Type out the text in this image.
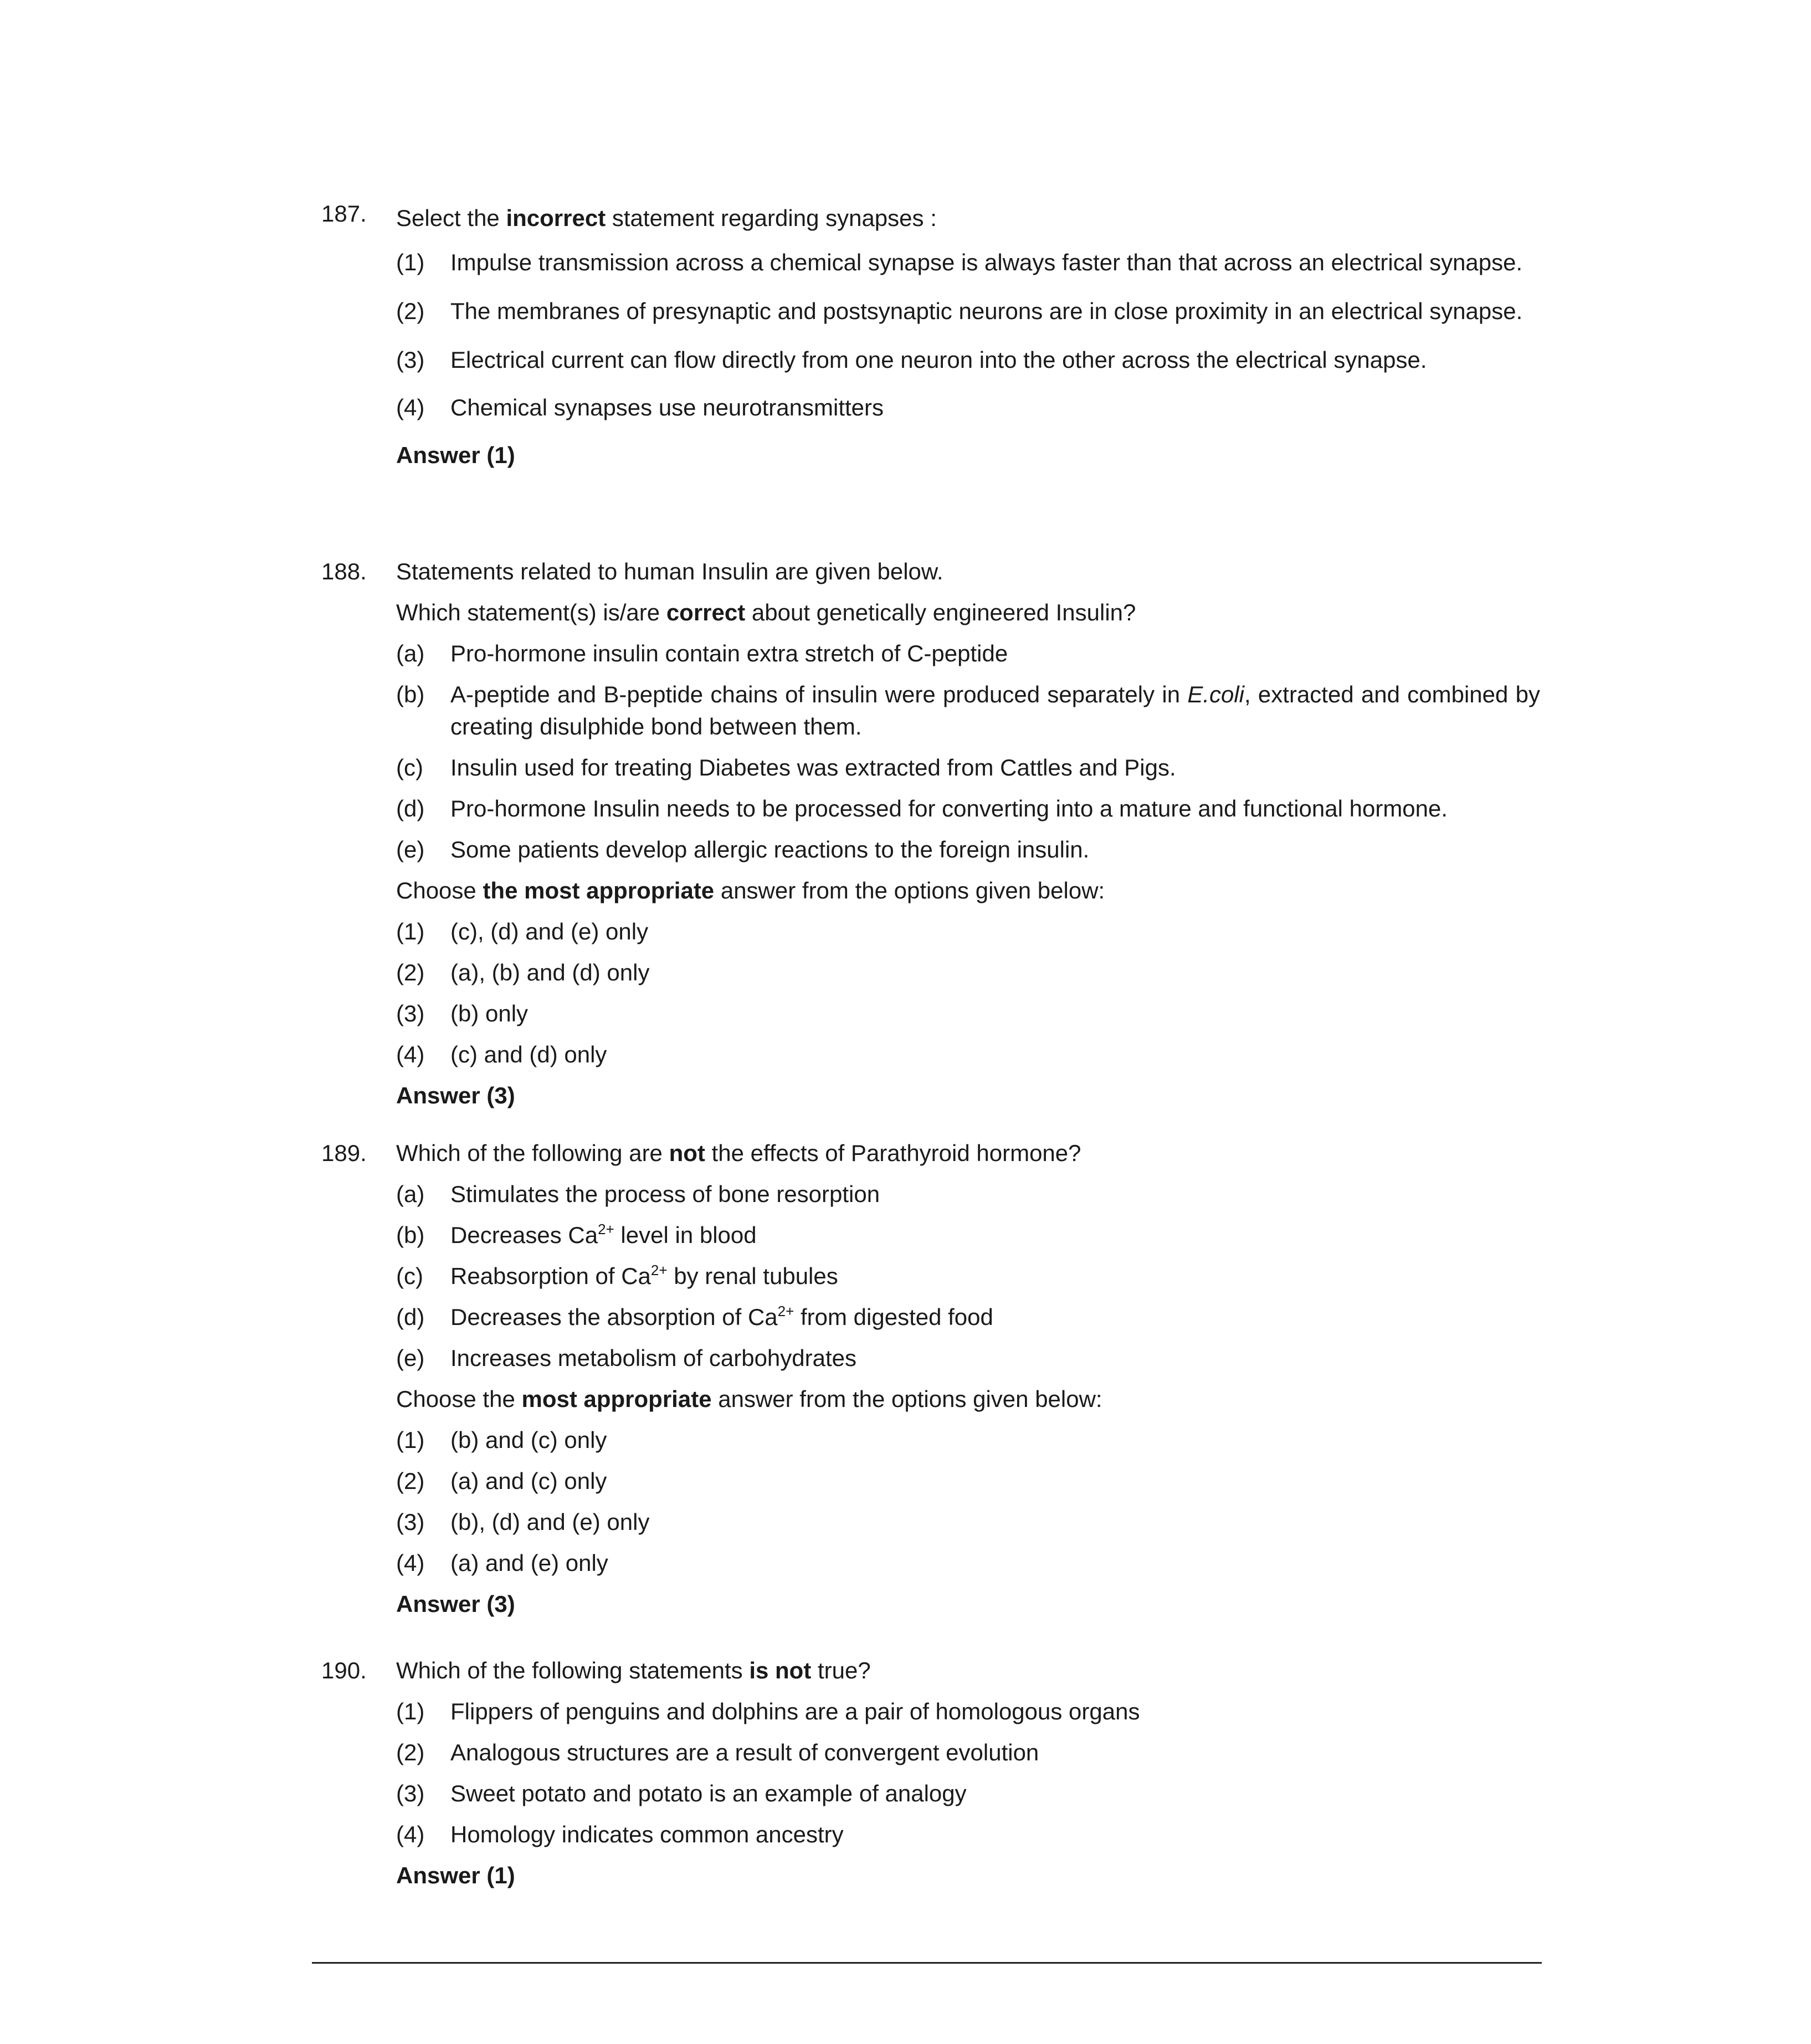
187.	Select the incorrect statement regarding synapses :
(1)	Impulse transmission across a chemical synapse is always faster than that across an electrical synapse.
(2)	The membranes of presynaptic and postsynaptic neurons are in close proximity in an electrical synapse.
(3)	Electrical current can flow directly from one neuron into the other across the electrical synapse.
(4)	Chemical synapses use neurotransmitters
Answer (1)
188.	Statements related to human Insulin are given below.
Which statement(s) is/are correct about genetically engineered Insulin?
(a)	Pro-hormone insulin contain extra stretch of C-peptide
(b)	A-peptide and B-peptide chains of insulin were produced separately in E.coli, extracted and combined by creating disulphide bond between them.
(c)	Insulin used for treating Diabetes was extracted from Cattles and Pigs.
(d)	Pro-hormone Insulin needs to be processed for converting into a mature and functional hormone.
(e)	Some patients develop allergic reactions to the foreign insulin.
Choose the most appropriate answer from the options given below:
(1)	(c), (d) and (e) only
(2)	(a), (b) and (d) only
(3)	(b) only
(4)	(c) and (d) only
Answer (3)
189.	Which of the following are not the effects of Parathyroid hormone?
(a)	Stimulates the process of bone resorption
(b)	Decreases $Ca^{2+}$ level in blood
(c)	Reabsorption of $Ca^{2+}$ by renal tubules
(d)	Decreases the absorption of $Ca^{2+}$ from digested food
(e)	Increases metabolism of carbohydrates
Choose the most appropriate answer from the options given below:
(1)	(b) and (c) only
(2)	(a) and (c) only
(3)	(b), (d) and (e) only
(4)	(a) and (e) only
Answer (3)
190.	Which of the following statements is not true?
(1)	Flippers of penguins and dolphins are a pair of homologous organs
(2)	Analogous structures are a result of convergent evolution
(3)	Sweet potato and potato is an example of analogy
(4)	Homology indicates common ancestry
Answer (1)
